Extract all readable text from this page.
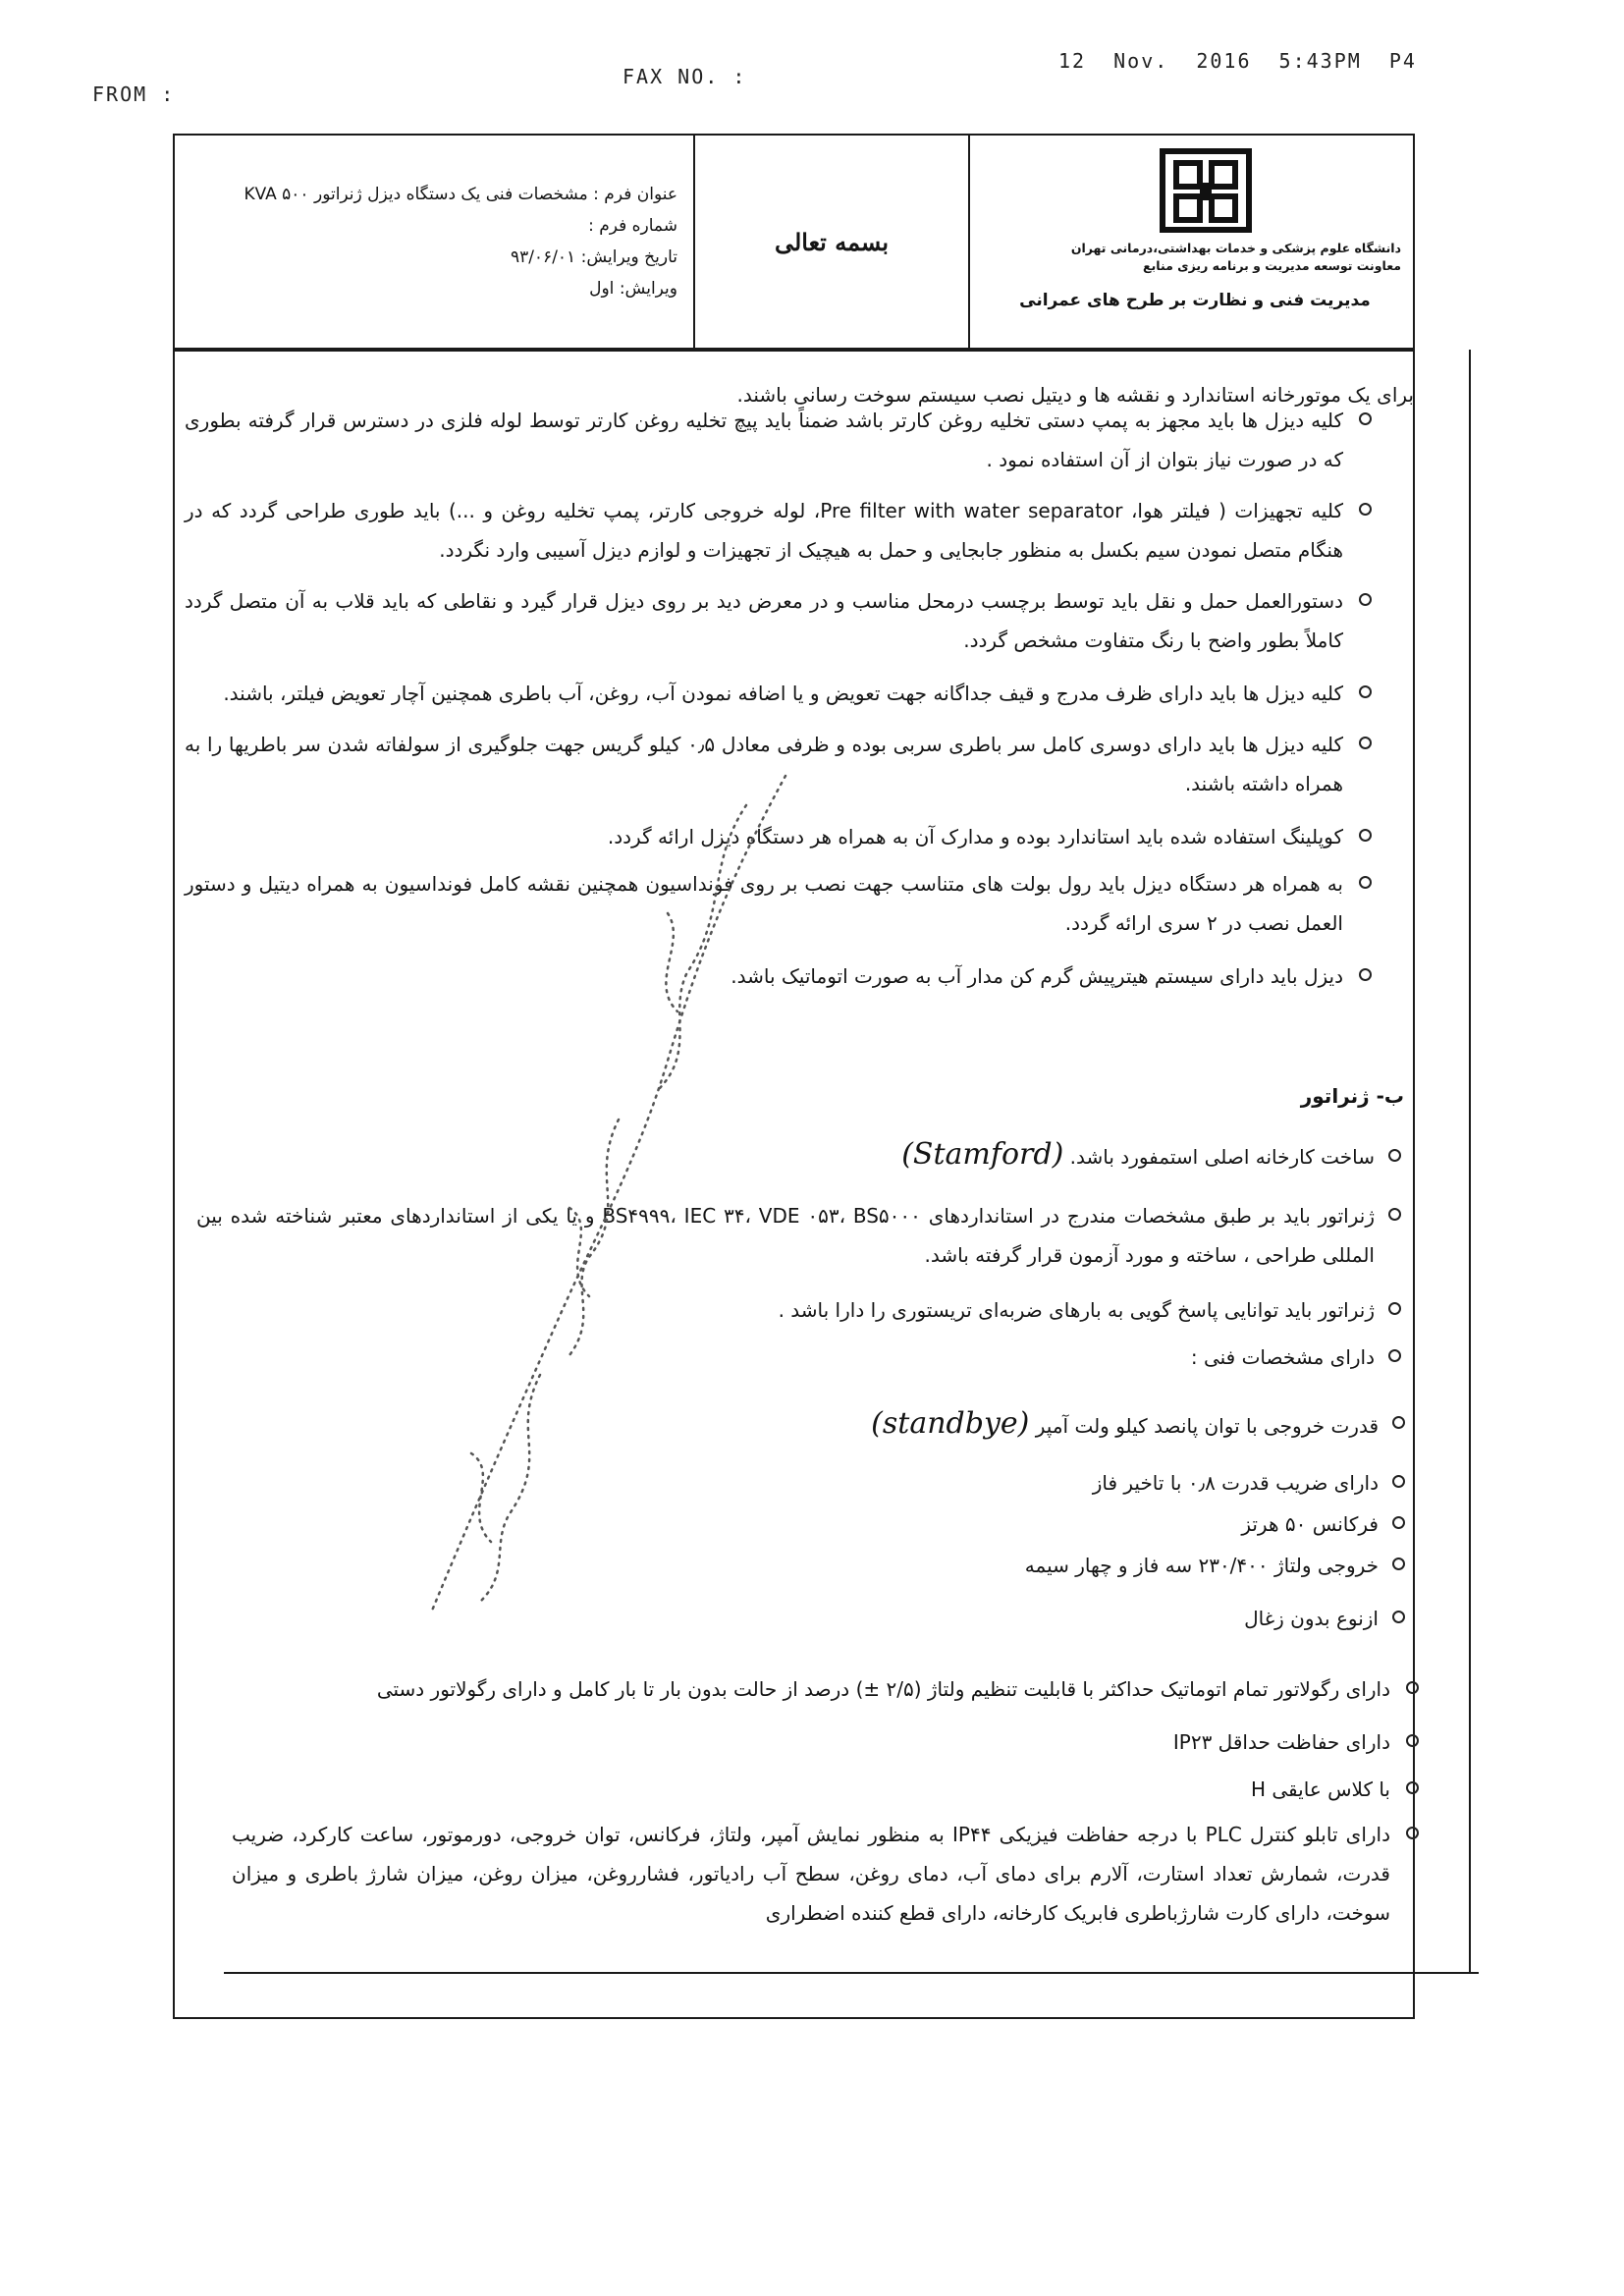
FROM :
FAX NO. :
12 Nov. 2016 5:43PM P4
عنوان فرم : مشخصات فنی یک دستگاه دیزل ژنراتور ۵۰۰ KVA
شماره فرم :
تاریخ ویرایش: ۹۳/۰۶/۰۱
ویرایش: اول
بسمه تعالی	دانشگاه علوم پزشکی و خدمات بهداشتی،درمانی تهران
معاونت توسعه مدیریت و برنامه ریزی منابع
مدیریت فنی و نظارت بر طرح های عمرانی
برای یک موتورخانه استاندارد و نقشه ها و دیتیل نصب سیستم سوخت رسانی باشند.
کلیه دیزل ها باید مجهز به پمپ دستی تخلیه روغن کارتر باشد ضمناً باید پیچ تخلیه روغن کارتر توسط لوله فلزی در دسترس قرار گرفته بطوری که در صورت نیاز بتوان از آن استفاده نمود .
کلیه تجهیزات ( فیلتر هوا، Pre filter with water separator، لوله خروجی کارتر، پمپ تخلیه روغن و ...) باید طوری طراحی گردد که در هنگام متصل نمودن سیم بکسل به منظور جابجایی و حمل به هیچیک از تجهیزات و لوازم دیزل آسیبی وارد نگردد.
دستورالعمل حمل و نقل باید توسط برچسب درمحل مناسب و در معرض دید بر روی دیزل قرار گیرد و نقاطی که باید قلاب به آن متصل گردد کاملاً بطور واضح با رنگ متفاوت مشخص گردد.
کلیه دیزل ها باید دارای ظرف مدرج و قیف جداگانه جهت تعویض و یا اضافه نمودن آب، روغن، آب باطری همچنین آچار تعویض فیلتر، باشند.
کلیه دیزل ها باید دارای دوسری کامل سر باطری سربی بوده و ظرفی معادل ۰٫۵ کیلو گریس جهت جلوگیری از سولفاته شدن سر باطریها را به همراه داشته باشند.
کوپلینگ استفاده شده باید استاندارد بوده و مدارک آن به همراه هر دستگاه دیزل ارائه گردد.
به همراه هر دستگاه دیزل باید رول بولت های متناسب جهت نصب بر روی فونداسیون همچنین نقشه کامل فونداسیون به همراه دیتیل و دستور العمل نصب در ۲ سری ارائه گردد.
دیزل باید دارای سیستم هیترپیش گرم کن مدار آب به صورت اتوماتیک باشد.
ب- ژنراتور
ساخت کارخانه اصلی استمفورد باشد. (Stamford)
ژنراتور باید بر طبق مشخصات مندرج در استانداردهای BS۴۹۹۹، IEC ۳۴، VDE ۰۵۳، BS۵۰۰۰ و یا یکی از استانداردهای معتبر شناخته شده بین المللی طراحی ، ساخته و مورد آزمون قرار گرفته باشد.
ژنراتور باید توانایی پاسخ گویی به بارهای ضربه‌ای تریستوری را دارا باشد .
دارای مشخصات فنی :
قدرت خروجی با توان پانصد کیلو ولت آمپر (standbye)
دارای ضریب قدرت ۰٫۸ با تاخیر فاز
فرکانس ۵۰ هرتز
خروجی ولتاژ ۲۳۰/۴۰۰ سه فاز و چهار سیمه
ازنوع بدون زغال
دارای رگولاتور تمام اتوماتیک حداکثر با قابلیت تنظیم ولتاژ (۲/۵ ±) درصد از حالت بدون بار تا بار کامل و دارای رگولاتور دستی
دارای حفاظت حداقل IP۲۳
با کلاس عایقی H
دارای تابلو کنترل PLC با درجه حفاظت فیزیکی IP۴۴ به منظور نمایش آمپر، ولتاژ، فرکانس، توان خروجی، دورموتور، ساعت کارکرد، ضریب قدرت، شمارش تعداد استارت، آلارم برای دمای آب، دمای روغن، سطح آب رادیاتور، فشارروغن، میزان روغن، میزان شارژ باطری و میزان سوخت، دارای کارت شارژباطری فابریک کارخانه، دارای قطع کننده اضطراری
